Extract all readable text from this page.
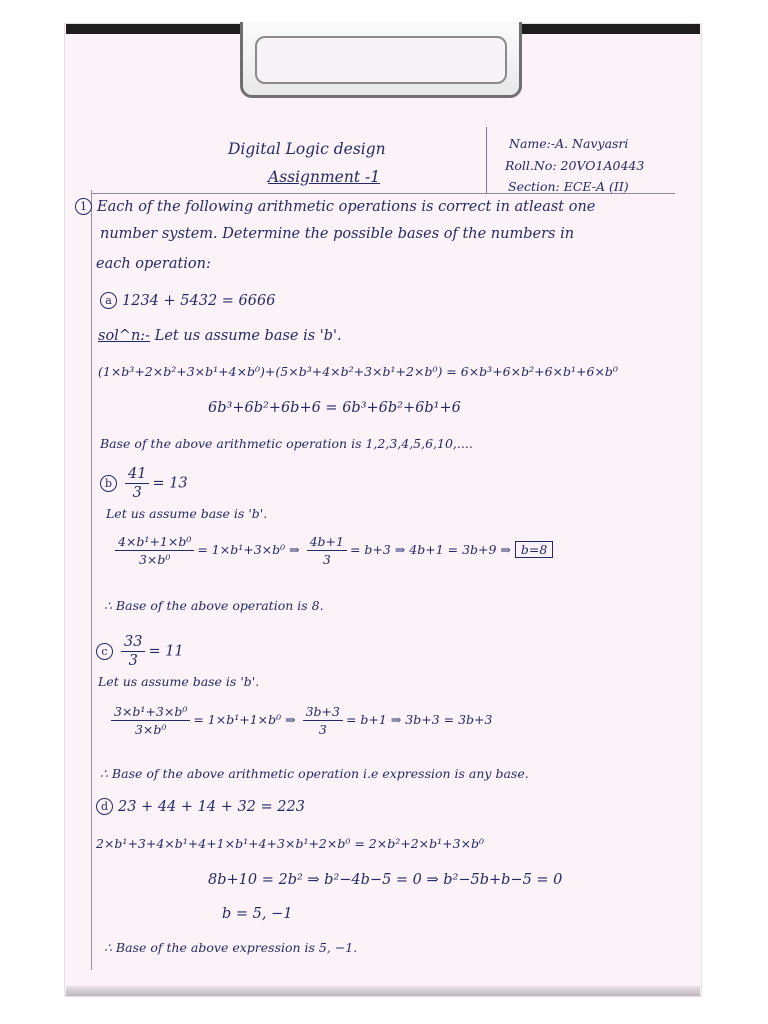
Digital Logic design
Assignment -1
Name:-A. Navyasri
Roll.No: 20VO1A0443
Section: ECE-A (II)
1 Each of the following arithmetic operations is correct in atleast one
number system. Determine the possible bases of the numbers in
each operation:
a 1234 + 5432 = 6666
sol^n:- Let us assume base is 'b'.
(1×b³+2×b²+3×b¹+4×b⁰)+(5×b³+4×b²+3×b¹+2×b⁰) = 6×b³+6×b²+6×b¹+6×b⁰
6b³+6b²+6b+6 = 6b³+6b²+6b¹+6
Base of the above arithmetic operation is 1,2,3,4,5,6,10,....
b $\frac{41}{3} = 13$
Let us assume base is 'b'.
$\frac{\text{4×b¹+1×b⁰}}{\text{3×b⁰}} = 1\times b^1+3\times b^0$ ⇒ $\frac{4b+1}{3} = b+3$ ⇒ 4b+1 = 3b+9 ⇒ b=8
∴ Base of the above operation is 8.
c $\frac{33}{3} = 11$
Let us assume base is 'b'.
$\frac{\text{3×b¹+3×b⁰}}{\text{3×b⁰}} = 1\times b^1+1\times b^0$ ⇒ $\frac{3b+3}{3} = b+1$ ⇒ 3b+3 = 3b+3
∴ Base of the above arithmetic operation i.e expression is any base.
d 23 + 44 + 14 + 32 = 223
2×b¹+3+4×b¹+4+1×b¹+4+3×b¹+2×b⁰ = 2×b²+2×b¹+3×b⁰
8b+10 = 2b² ⇒ b²−4b−5 = 0 ⇒ b²−5b+b−5 = 0
b = 5, −1
∴ Base of the above expression is 5, −1.
